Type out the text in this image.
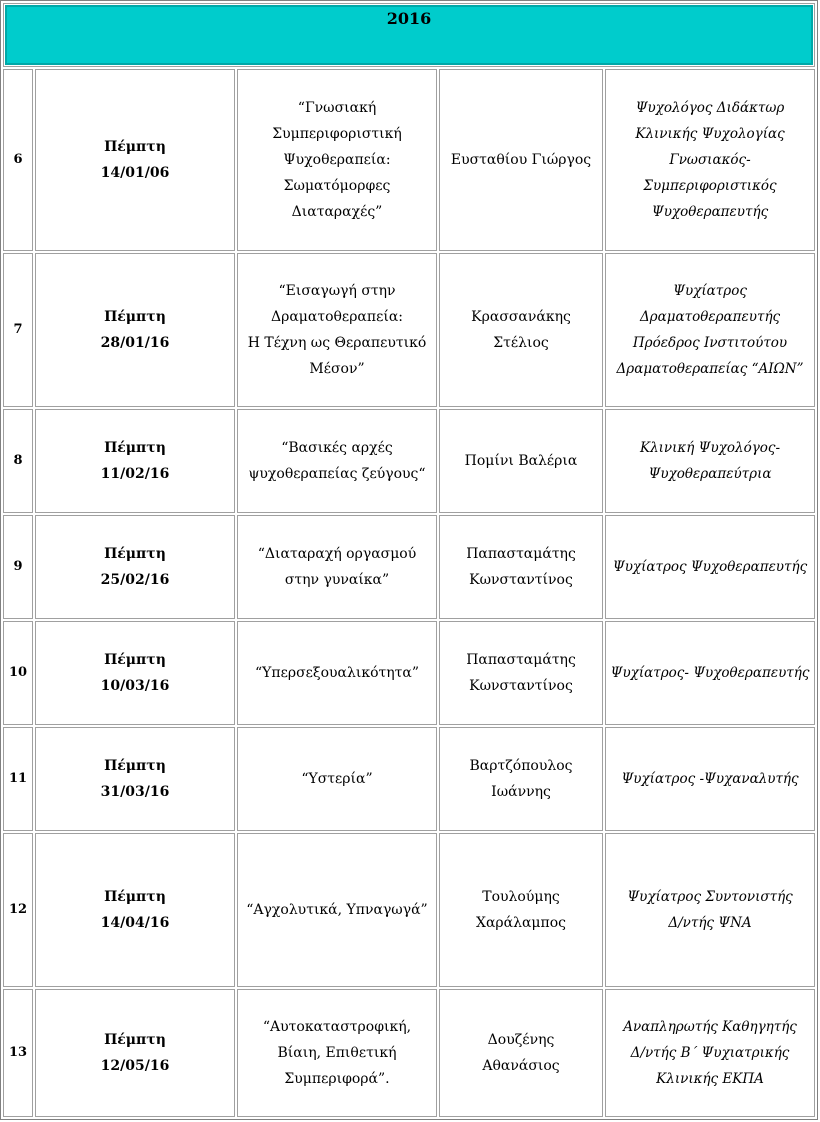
2016				
6	Πέμπτη
14/01/06	“Γνωσιακή
Συμπεριφοριστική
Ψυχοθεραπεία:
Σωματόμορφες
Διαταραχές”	Ευσταθίου Γιώργος	Ψυχολόγος Διδάκτωρ
Κλινικής Ψυχολογίας
Γνωσιακός-
Συμπεριφοριστικός
Ψυχοθεραπευτής

7	Πέμπτη
28/01/16	“Εισαγωγή στην
Δραματοθεραπεία:
Η Τέχνη ως Θεραπευτικό
Μέσον”	Κρασσανάκης
Στέλιος	Ψυχίατρος
Δραματοθεραπευτής
Πρόεδρος Ινστιτούτου
Δραματοθεραπείας “ΑΙΩΝ”

8	Πέμπτη
11/02/16	“Βασικές αρχές
ψυχοθεραπείας ζεύγους“	Πομίνι Βαλέρια	Κλινική Ψυχολόγος-
Ψυχοθεραπεύτρια

9	Πέμπτη
25/02/16	“Διαταραχή οργασμού
στην γυναίκα”	Παπασταμάτης
Κωνσταντίνος	Ψυχίατρος Ψυχοθεραπευτής

10	Πέμπτη
10/03/16	“Υπερσεξουαλικότητα”	Παπασταμάτης
Κωνσταντίνος	Ψυχίατρος- Ψυχοθεραπευτής

11	Πέμπτη
31/03/16	“Υστερία”	Βαρτζόπουλος
Ιωάννης	Ψυχίατρος -Ψυχαναλυτής

12	Πέμπτη
14/04/16	“Αγχολυτικά, Υπναγωγά”	Τουλούμης
Χαράλαμπος	Ψυχίατρος Συντονιστής
Δ/ντής ΨΝΑ

13	Πέμπτη
12/05/16	“Αυτοκαταστροφική,
Βίαιη, Επιθετική
Συμπεριφορά”.	Δουζένης
Αθανάσιος	Αναπληρωτής Καθηγητής
Δ/ντής Β΄ Ψυχιατρικής
Κλινικής ΕΚΠΑ
